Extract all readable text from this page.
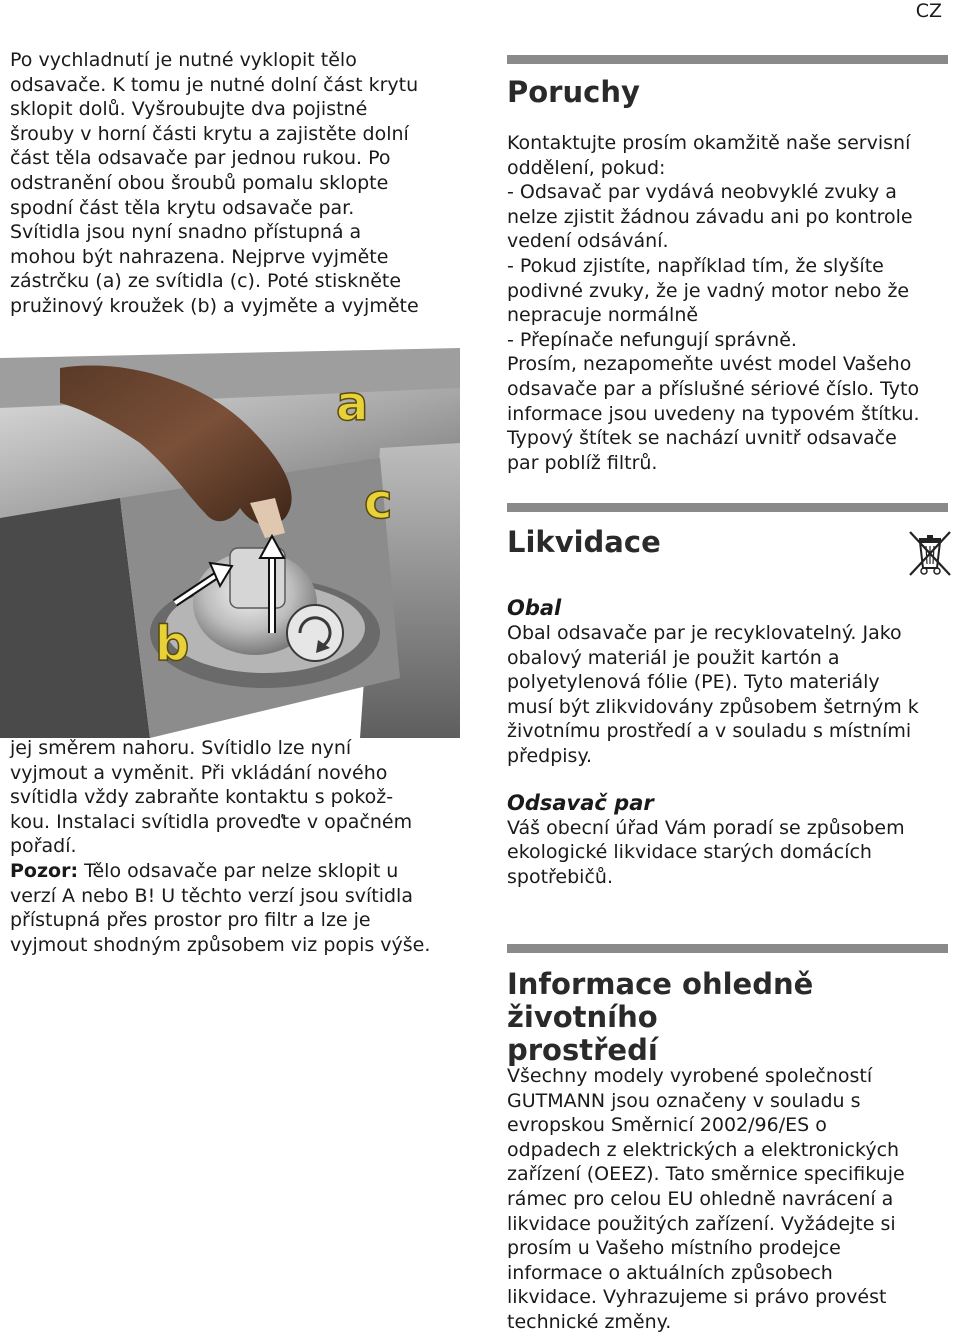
CZ

Po vychladnutí je nutné vyklopit tělo

odsavače. K tomu je nutné dolní část krytu

sklopit dolů. Vyšroubujte dva pojistné

šrouby v horní části krytu a zajistěte dolní

část těla odsavače par jednou rukou. Po

odstranění obou šroubů pomalu sklopte

spodní část těla krytu odsavače par.

Svítidla jsou nyní snadno přístupná a

mohou být nahrazena. Nejprve vyjměte

zástrčku (a) ze svítidla (c). Poté stiskněte

pružinový kroužek (b) a vyjměte a vyjměte

a
c
b

jej směrem nahoru. Svítidlo lze nyní

vyjmout a vyměnit. Při vkládání nového

svítidla vždy zabraňte kontaktu s pokož-

kou. Instalaci svítidla proveďte v opačném

pořadí.

Pozor: Tělo odsavače par nelze sklopit u

verzí A nebo B! U těchto verzí jsou svítidla

přístupná přes prostor pro filtr a lze je

vyjmout shodným způsobem viz popis výše.

Poruchy

Kontaktujte prosím okamžitě naše servisní

oddělení, pokud:

- Odsavač par vydává neobvyklé zvuky a

nelze zjistit žádnou závadu ani po kontrole

vedení odsávání.

- Pokud zjistíte, například tím, že slyšíte

podivné zvuky, že je vadný motor nebo že

nepracuje normálně

- Přepínače nefungují správně.

Prosím, nezapomeňte uvést model Vašeho

odsavače par a příslušné sériové číslo. Tyto

informace jsou uvedeny na typovém štítku.

Typový štítek se nachází uvnitř odsavače

par poblíž filtrů.

Likvidace

Obal

Obal odsavače par je recyklovatelný. Jako

obalový materiál je použit kartón a

polyetylenová fólie (PE). Tyto materiály

musí být zlikvidovány způsobem šetrným k

životnímu prostředí a v souladu s místními

předpisy.

Odsavač par

Váš obecní úřad Vám poradí se způsobem

ekologické likvidace starých domácích

spotřebičů.

Informace ohledně životního
prostředí

Všechny modely vyrobené společností

GUTMANN jsou označeny v souladu s

evropskou Směrnicí 2002/96/ES o

odpadech z elektrických a elektronických

zařízení (OEEZ). Tato směrnice specifikuje

rámec pro celou EU ohledně navrácení a

likvidace použitých zařízení. Vyžádejte si

prosím u Vašeho místního prodejce

informace o aktuálních způsobech

likvidace. Vyhrazujeme si právo provést

technické změny.
